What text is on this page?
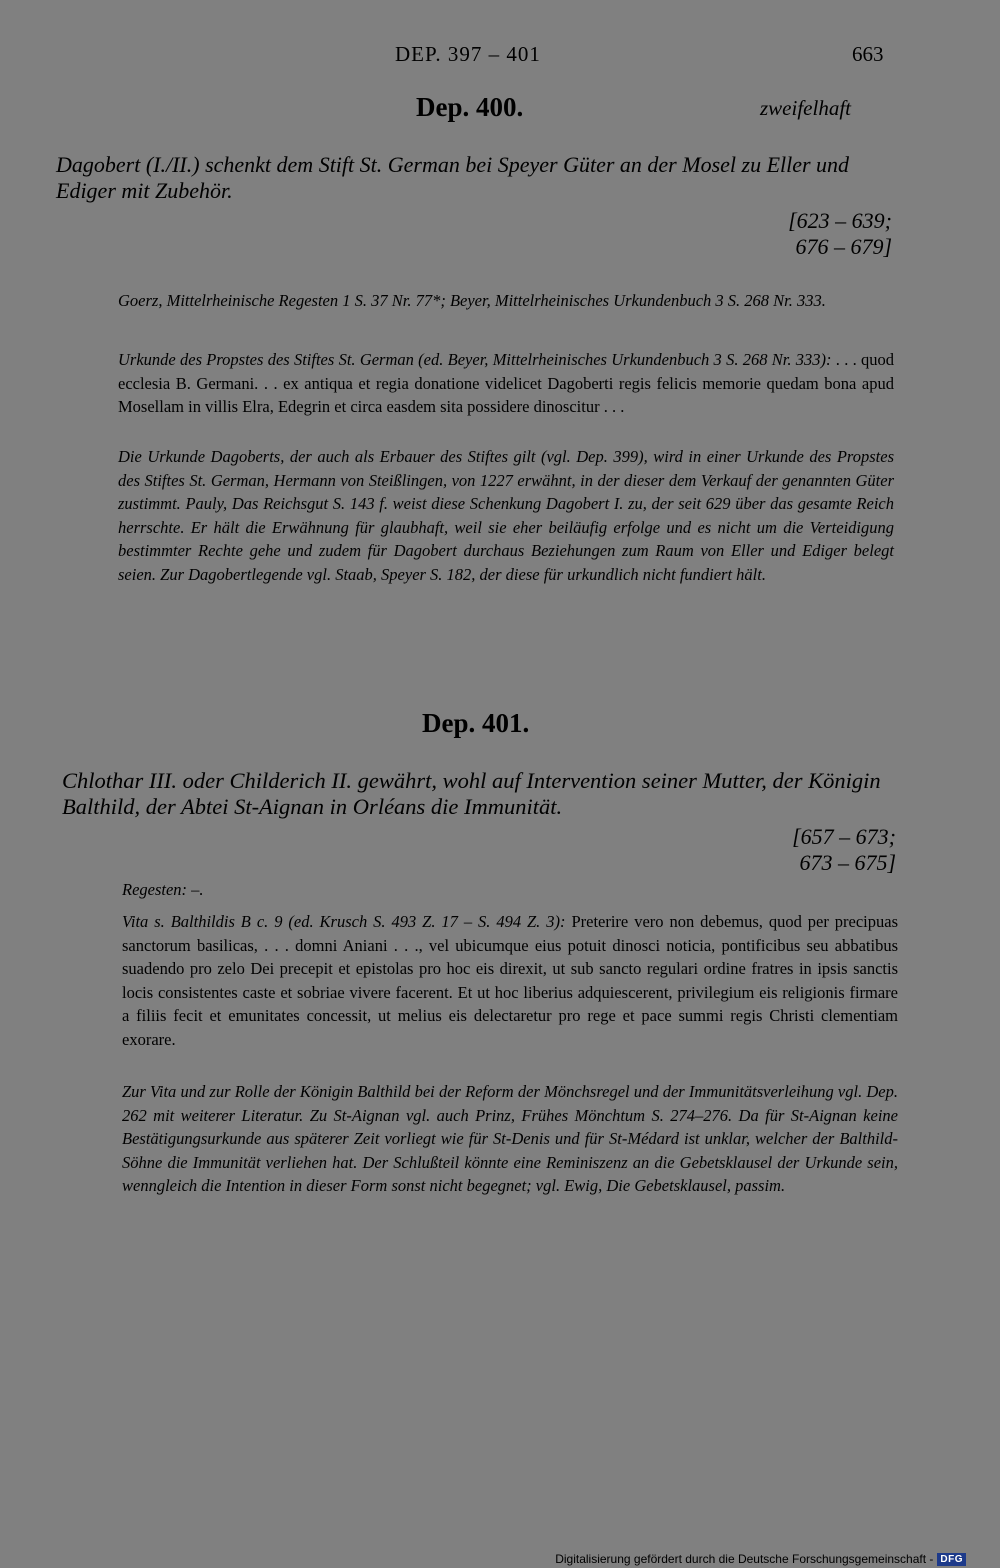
DEP. 397 – 401	663
Dep. 400.	zweifelhaft
Dagobert (I./II.) schenkt dem Stift St. German bei Speyer Güter an der Mosel zu Eller und Ediger mit Zubehör.
[623 – 639;
676 – 679]
Goerz, Mittelrheinische Regesten 1 S. 37 Nr. 77*; Beyer, Mittelrheinisches Urkundenbuch 3 S. 268 Nr. 333.
Urkunde des Propstes des Stiftes St. German (ed. Beyer, Mittelrheinisches Urkundenbuch 3 S. 268 Nr. 333): . . . quod ecclesia B. Germani. . . ex antiqua et regia donatione videlicet Dagoberti regis felicis memorie quedam bona apud Mosellam in villis Elra, Edegrin et circa easdem sita possidere dinoscitur . . .
Die Urkunde Dagoberts, der auch als Erbauer des Stiftes gilt (vgl. Dep. 399), wird in einer Urkunde des Propstes des Stiftes St. German, Hermann von Steißlingen, von 1227 erwähnt, in der dieser dem Verkauf der genannten Güter zustimmt. Pauly, Das Reichsgut S. 143 f. weist diese Schenkung Dagobert I. zu, der seit 629 über das gesamte Reich herrschte. Er hält die Erwähnung für glaubhaft, weil sie eher beiläufig erfolge und es nicht um die Verteidigung bestimmter Rechte gehe und zudem für Dagobert durchaus Beziehungen zum Raum von Eller und Ediger belegt seien. Zur Dagobertlegende vgl. Staab, Speyer S. 182, der diese für urkundlich nicht fundiert hält.
Dep. 401.
Chlothar III. oder Childerich II. gewährt, wohl auf Intervention seiner Mutter, der Königin Balthild, der Abtei St-Aignan in Orléans die Immunität.
[657 – 673;
673 – 675]
Regesten: –.
Vita s. Balthildis B c. 9 (ed. Krusch S. 493 Z. 17 – S. 494 Z. 3): Preterire vero non debemus, quod per precipuas sanctorum basilicas, . . . domni Aniani . . ., vel ubicumque eius potuit dinosci noticia, pontificibus seu abbatibus suadendo pro zelo Dei precepit et epistolas pro hoc eis direxit, ut sub sancto regulari ordine fratres in ipsis sanctis locis consistentes caste et sobriae vivere facerent. Et ut hoc liberius adquiescerent, privilegium eis religionis firmare a filiis fecit et emunitates concessit, ut melius eis delectaretur pro rege et pace summi regis Christi clementiam exorare.
Zur Vita und zur Rolle der Königin Balthild bei der Reform der Mönchsregel und der Immunitätsverleihung vgl. Dep. 262 mit weiterer Literatur. Zu St-Aignan vgl. auch Prinz, Frühes Mönchtum S. 274–276. Da für St-Aignan keine Bestätigungsurkunde aus späterer Zeit vorliegt wie für St-Denis und für St-Médard ist unklar, welcher der Balthild-Söhne die Immunität verliehen hat. Der Schlußteil könnte eine Reminiszenz an die Gebetsklausel der Urkunde sein, wenngleich die Intention in dieser Form sonst nicht begegnet; vgl. Ewig, Die Gebetsklausel, passim.
Digitalisierung gefördert durch die Deutsche Forschungsgemeinschaft - DFG
